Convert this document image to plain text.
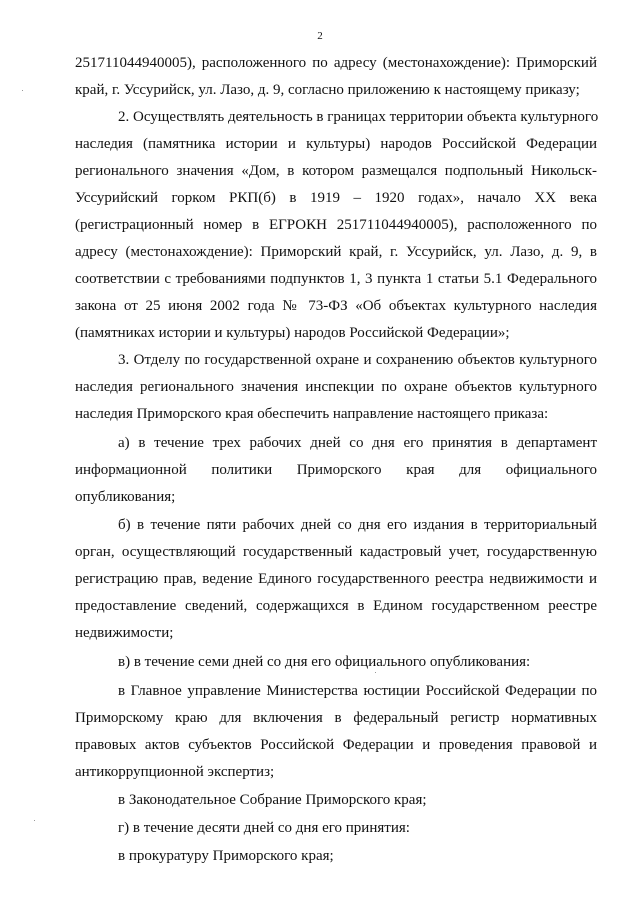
2
251711044940005), расположенного по адресу (местонахождение): Приморский
край, г. Уссурийск, ул. Лазо, д. 9, согласно приложению к настоящему приказу;
2. Осуществлять деятельность в границах территории объекта культурного
наследия (памятника истории и культуры) народов Российской Федерации
регионального значения «Дом, в котором размещался подпольный Никольск-
Уссурийский горком РКП(б) в 1919 – 1920 годах», начало XX века
(регистрационный номер в ЕГРОКН 251711044940005), расположенного по
адресу (местонахождение): Приморский край, г. Уссурийск, ул. Лазо, д. 9, в
соответствии с требованиями подпунктов 1, 3 пункта 1 статьи 5.1 Федерального
закона от 25 июня 2002 года № 73-ФЗ «Об объектах культурного наследия
(памятниках истории и культуры) народов Российской Федерации»;
3. Отделу по государственной охране и сохранению объектов культурного
наследия регионального значения инспекции по охране объектов культурного
наследия Приморского края обеспечить направление настоящего приказа:
а) в течение трех рабочих дней со дня его принятия в департамент
информационной политики Приморского края для официального
опубликования;
б) в течение пяти рабочих дней со дня его издания в территориальный
орган, осуществляющий государственный кадастровый учет, государственную
регистрацию прав, ведение Единого государственного реестра недвижимости и
предоставление сведений, содержащихся в Едином государственном реестре
недвижимости;
в) в течение семи дней со дня его официального опубликования:
в Главное управление Министерства юстиции Российской Федерации по
Приморскому краю для включения в федеральный регистр нормативных
правовых актов субъектов Российской Федерации и проведения правовой и
антикоррупционной экспертиз;
в Законодательное Собрание Приморского края;
г) в течение десяти дней со дня его принятия:
в прокуратуру Приморского края;
